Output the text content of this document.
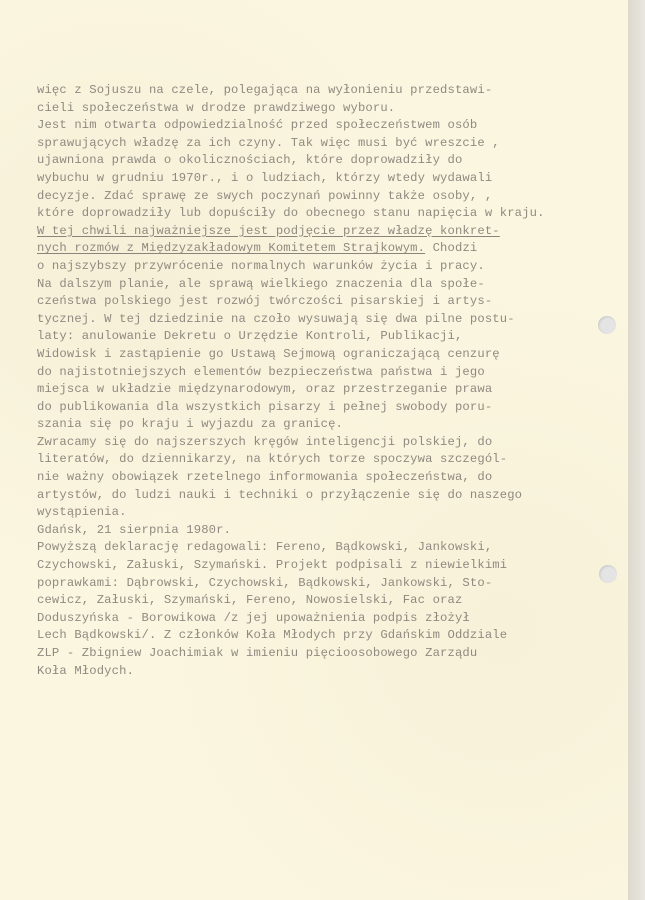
więc z Sojuszu na czele, polegająca na wyłonieniu przedstawi-
cieli społeczeństwa w drodze prawdziwego wyboru.
Jest nim otwarta odpowiedzialność przed społeczeństwem osób
sprawujących władzę za ich czyny. Tak więc musi być wreszcie ,
ujawniona prawda o okolicznościach, które doprowadziły do
wybuchu w grudniu 1970r., i o ludziach, którzy wtedy wydawali
decyzje. Zdać sprawę ze swych poczynań powinny także osoby, ,
które doprowadziły lub dopuściły do obecnego stanu napięcia w kraju.
W tej chwili najważniejsze jest podjęcie przez władzę konkret-
nych rozmów z Międzyzakładowym Komitetem Strajkowym. Chodzi
o najszybszy przywrócenie normalnych warunków życia i pracy.
Na dalszym planie, ale sprawą wielkiego znaczenia dla społe-
czeństwa polskiego jest rozwój twórczości pisarskiej i artys-
tycznej. W tej dziedzinie na czoło wysuwają się dwa pilne postu-
laty: anulowanie Dekretu o Urzędzie Kontroli, Publikacji,
Widowisk i zastąpienie go Ustawą Sejmową ograniczającą cenzurę
do najistotniejszych elementów bezpieczeństwa państwa i jego
miejsca w układzie międzynarodowym, oraz przestrzeganie prawa
do publikowania dla wszystkich pisarzy i pełnej swobody poru-
szania się po kraju i wyjazdu za granicę.
Zwracamy się do najszerszych kręgów inteligencji polskiej, do
literatów, do dziennikarzy, na których torze spoczywa szczegól-
nie ważny obowiązek rzetelnego informowania społeczeństwa, do
artystów, do ludzi nauki i techniki o przyłączenie się do naszego
wystąpienia.
Gdańsk, 21 sierpnia 1980r.
Powyższą deklarację redagowali: Fereno, Bądkowski, Jankowski,
Czychowski, Załuski, Szymański. Projekt podpisali z niewielkimi
poprawkami: Dąbrowski, Czychowski, Bądkowski, Jankowski, Sto-
cewicz, Załuski, Szymański, Fereno, Nowosielski, Fac oraz
Doduszyńska - Borowikowa /z jej upoważnienia podpis złożył
Lech Bądkowski/. Z członków Koła Młodych przy Gdańskim Oddziale
ZLP - Zbigniew Joachimiak w imieniu pięcioosobowego Zarządu
Koła Młodych.
